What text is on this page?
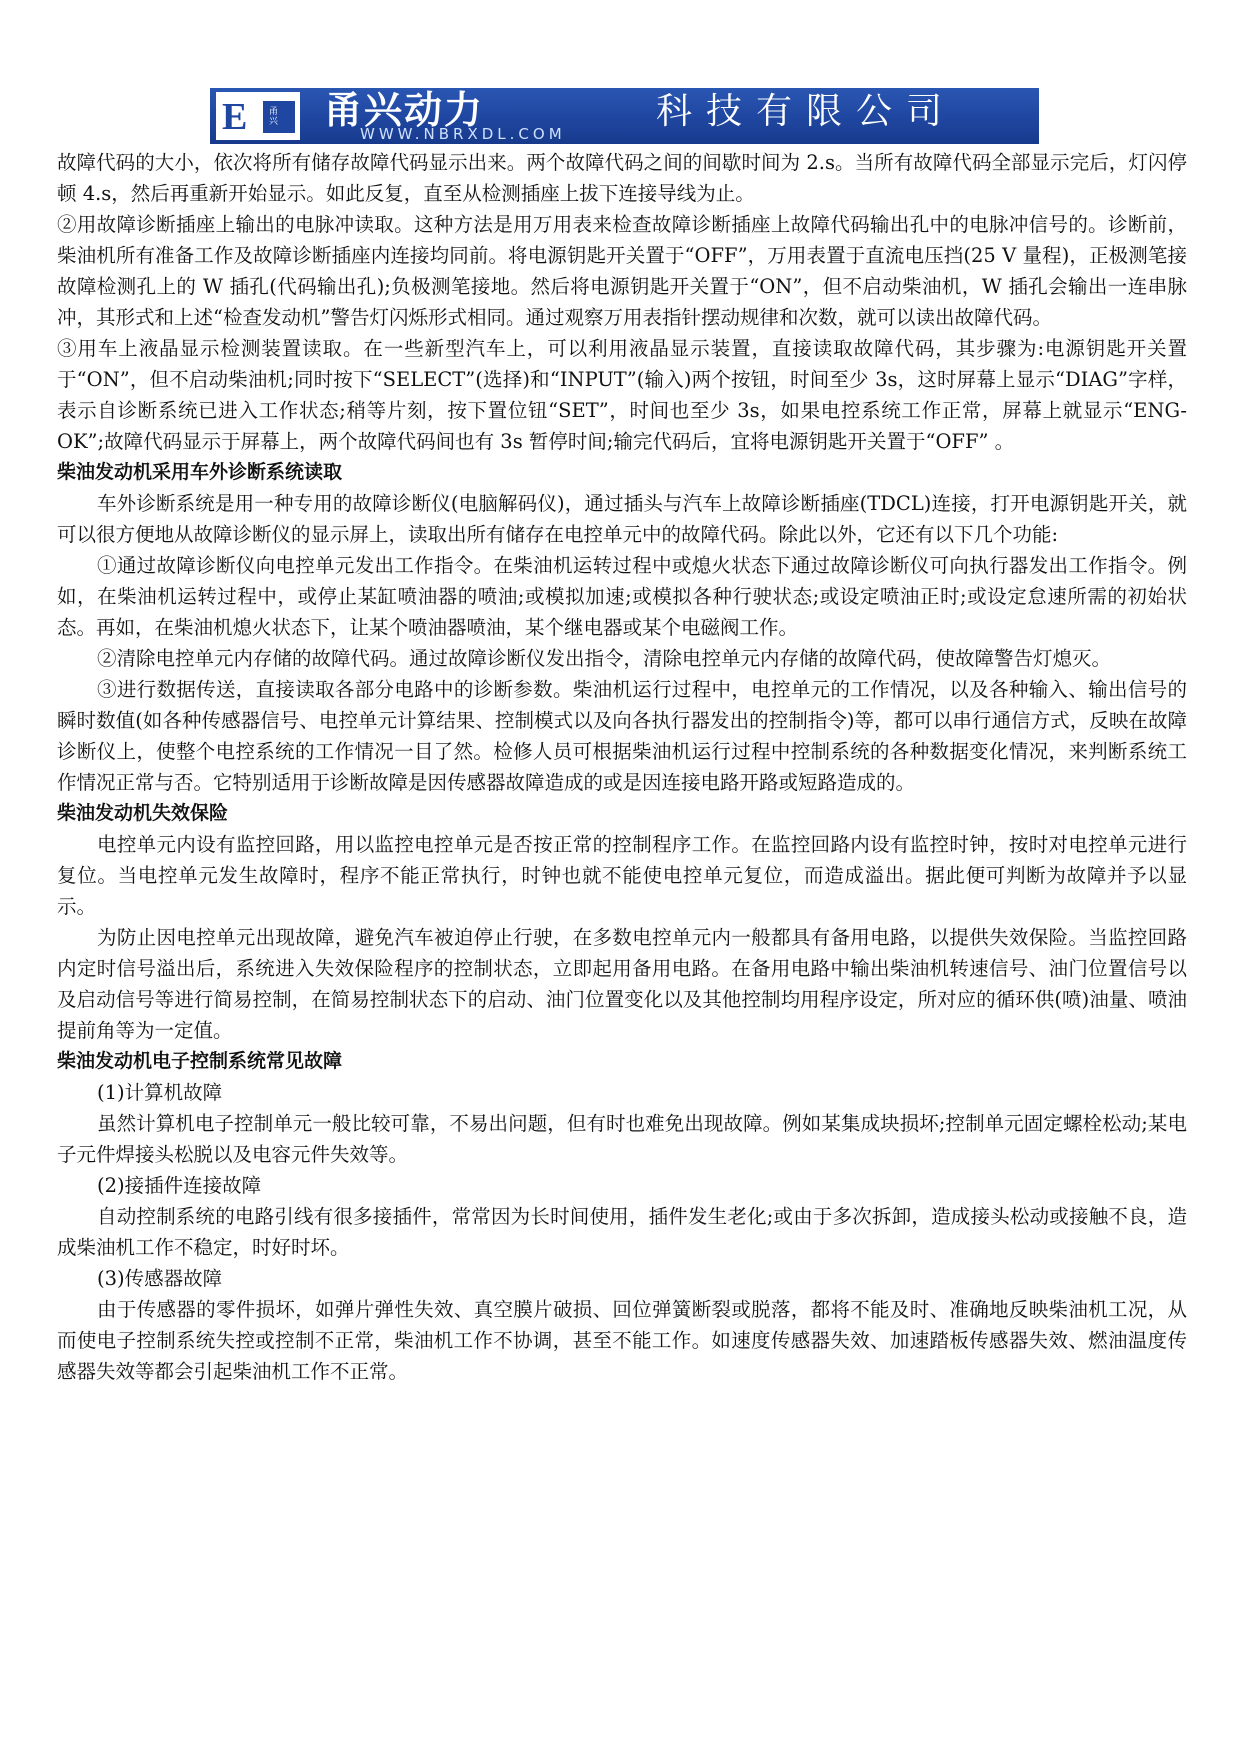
E	甬兴 甬兴动力	科技有限公司
WWW.NBRXDL.COM

故障代码的大小，依次将所有储存故障代码显示出来。两个故障代码之间的间歇时间为 2.s。当所有故障代码全部显示完后，灯闪停顿 4.s，然后再重新开始显示。如此反复，直至从检测插座上拔下连接导线为止。

②用故障诊断插座上输出的电脉冲读取。这种方法是用万用表来检查故障诊断插座上故障代码输出孔中的电脉冲信号的。诊断前，柴油机所有准备工作及故障诊断插座内连接均同前。将电源钥匙开关置于“OFF”，万用表置于直流电压挡(25 V 量程)，正极测笔接故障检测孔上的 W 插孔(代码输出孔);负极测笔接地。然后将电源钥匙开关置于“ON”，但不启动柴油机，W 插孔会输出一连串脉冲，其形式和上述“检查发动机”警告灯闪烁形式相同。通过观察万用表指针摆动规律和次数，就可以读出故障代码。

③用车上液晶显示检测装置读取。在一些新型汽车上，可以利用液晶显示装置，直接读取故障代码，其步骤为:电源钥匙开关置于“ON”，但不启动柴油机;同时按下“SELECT”(选择)和“INPUT”(输入)两个按钮，时间至少 3s，这时屏幕上显示“DIAG”字样，表示自诊断系统已进入工作状态;稍等片刻，按下置位钮“SET”，时间也至少 3s，如果电控系统工作正常，屏幕上就显示“ENG-OK”;故障代码显示于屏幕上，两个故障代码间也有 3s 暂停时间;输完代码后，宜将电源钥匙开关置于“OFF” 。

柴油发动机采用车外诊断系统读取

车外诊断系统是用一种专用的故障诊断仪(电脑解码仪)，通过插头与汽车上故障诊断插座(TDCL)连接，打开电源钥匙开关，就可以很方便地从故障诊断仪的显示屏上，读取出所有储存在电控单元中的故障代码。除此以外，它还有以下几个功能:

①通过故障诊断仪向电控单元发出工作指令。在柴油机运转过程中或熄火状态下通过故障诊断仪可向执行器发出工作指令。例如，在柴油机运转过程中，或停止某缸喷油器的喷油;或模拟加速;或模拟各种行驶状态;或设定喷油正时;或设定怠速所需的初始状态。再如，在柴油机熄火状态下，让某个喷油器喷油，某个继电器或某个电磁阀工作。

②清除电控单元内存储的故障代码。通过故障诊断仪发出指令，清除电控单元内存储的故障代码，使故障警告灯熄灭。

③进行数据传送，直接读取各部分电路中的诊断参数。柴油机运行过程中，电控单元的工作情况，以及各种输入、输出信号的瞬时数值(如各种传感器信号、电控单元计算结果、控制模式以及向各执行器发出的控制指令)等，都可以串行通信方式，反映在故障诊断仪上，使整个电控系统的工作情况一目了然。检修人员可根据柴油机运行过程中控制系统的各种数据变化情况，来判断系统工作情况正常与否。它特别适用于诊断故障是因传感器故障造成的或是因连接电路开路或短路造成的。

柴油发动机失效保险

电控单元内设有监控回路，用以监控电控单元是否按正常的控制程序工作。在监控回路内设有监控时钟，按时对电控单元进行复位。当电控单元发生故障时，程序不能正常执行，时钟也就不能使电控单元复位，而造成溢出。据此便可判断为故障并予以显示。

为防止因电控单元出现故障，避免汽车被迫停止行驶，在多数电控单元内一般都具有备用电路，以提供失效保险。当监控回路内定时信号溢出后，系统进入失效保险程序的控制状态，立即起用备用电路。在备用电路中输出柴油机转速信号、油门位置信号以及启动信号等进行简易控制，在简易控制状态下的启动、油门位置变化以及其他控制均用程序设定，所对应的循环供(喷)油量、喷油提前角等为一定值。

柴油发动机电子控制系统常见故障

(1)计算机故障

虽然计算机电子控制单元一般比较可靠，不易出问题，但有时也难免出现故障。例如某集成块损坏;控制单元固定螺栓松动;某电子元件焊接头松脱以及电容元件失效等。

(2)接插件连接故障

自动控制系统的电路引线有很多接插件，常常因为长时间使用，插件发生老化;或由于多次拆卸，造成接头松动或接触不良，造成柴油机工作不稳定，时好时坏。

(3)传感器故障

由于传感器的零件损坏，如弹片弹性失效、真空膜片破损、回位弹簧断裂或脱落，都将不能及时、准确地反映柴油机工况，从而使电子控制系统失控或控制不正常，柴油机工作不协调，甚至不能工作。如速度传感器失效、加速踏板传感器失效、燃油温度传感器失效等都会引起柴油机工作不正常。
